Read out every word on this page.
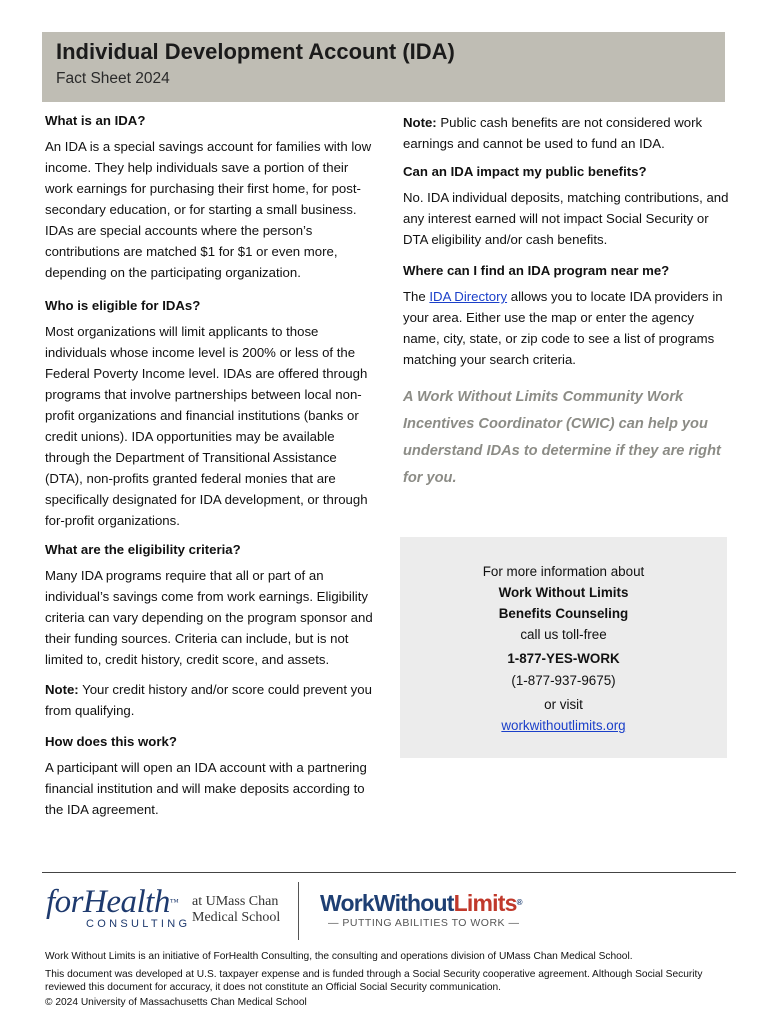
Individual Development Account (IDA)
Fact Sheet 2024
What is an IDA?

An IDA is a special savings account for families with low income. They help individuals save a portion of their work earnings for purchasing their first home, for post-secondary education, or for starting a small business. IDAs are special accounts where the person’s contributions are matched $1 for $1 or even more, depending on the participating organization.

Who is eligible for IDAs?

Most organizations will limit applicants to those individuals whose income level is 200% or less of the Federal Poverty Income level. IDAs are offered through programs that involve partnerships between local non-profit organizations and financial institutions (banks or credit unions). IDA opportunities may be available through the Department of Transitional Assistance (DTA), non-profits granted federal monies that are specifically designated for IDA development, or through for-profit organizations.

What are the eligibility criteria?

Many IDA programs require that all or part of an individual’s savings come from work earnings. Eligibility criteria can vary depending on the program sponsor and their funding sources. Criteria can include, but is not limited to, credit history, credit score, and assets.

Note: Your credit history and/or score could prevent you from qualifying.

How does this work?

A participant will open an IDA account with a partnering financial institution and will make deposits according to the IDA agreement.

Note: Public cash benefits are not considered work earnings and cannot be used to fund an IDA.

Can an IDA impact my public benefits?

No. IDA individual deposits, matching contributions, and any interest earned will not impact Social Security or DTA eligibility and/or cash benefits.

Where can I find an IDA program near me?

The IDA Directory allows you to locate IDA providers in your area. Either use the map or enter the agency name, city, state, or zip code to see a list of programs matching your search criteria.

A Work Without Limits Community Work Incentives Coordinator (CWIC) can help you understand IDAs to determine if they are right for you.
For more information about
Work Without Limits
Benefits Counseling
call us toll-free
1-877-YES-WORK
(1-877-937-9675)
or visit
workwithoutlimits.org
forHealth™
CONSULTING
at UMass Chan
Medical School
WorkWithoutLimits®
— PUTTING ABILITIES TO WORK —

Work Without Limits is an initiative of ForHealth Consulting, the consulting and operations division of UMass Chan Medical School.

This document was developed at U.S. taxpayer expense and is funded through a Social Security cooperative agreement. Although Social Security reviewed this document for accuracy, it does not constitute an Official Social Security communication.

© 2024 University of Massachusetts Chan Medical School
